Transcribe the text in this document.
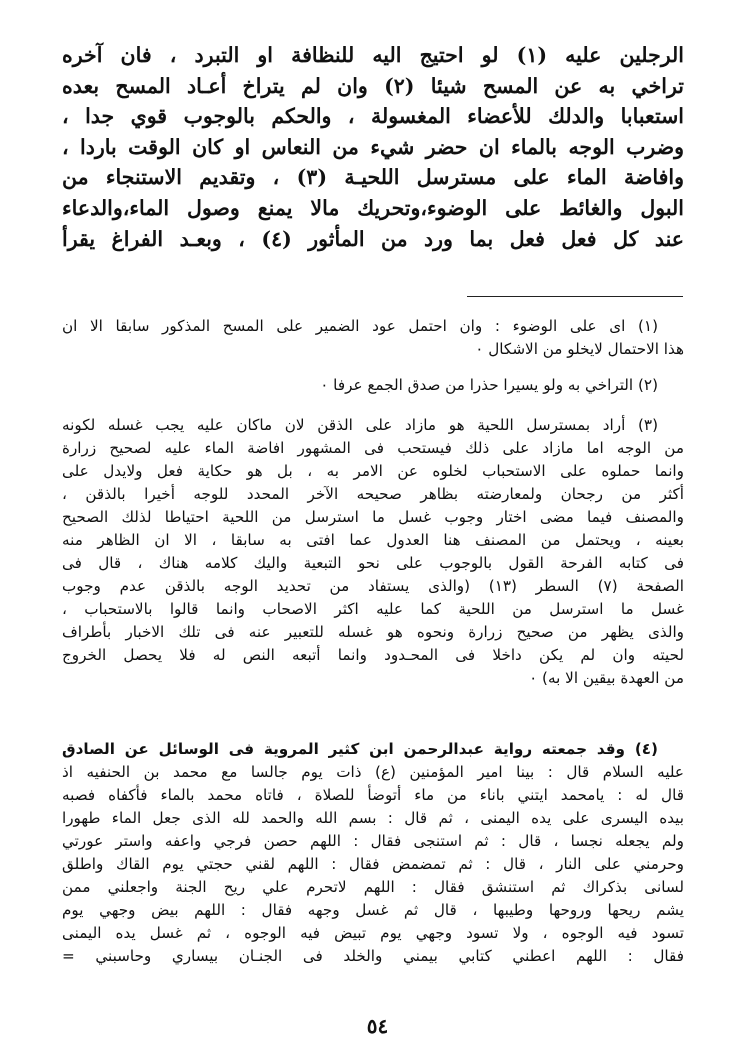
الرجلين عليه (١) لو احتيج اليه للنظافة او التبرد ، فان آخره
تراخي به عن المسح شيئا (٢) وان لم يتراخ أعـاد المسح بعده
استعبابا والدلك للأعضاء المغسولة ، والحكم بالوجوب قوي جدا ،
وضرب الوجه بالماء ان حضر شيء من النعاس او كان الوقت باردا ،
وافاضة الماء على مسترسل اللحيـة (٣) ، وتقديم الاستنجاء من
البول والغائط على الوضوء،وتحريك مالا يمنع وصول الماء،والدعاء
عند كل فعل فعل بما ورد من المأثور (٤) ، وبعـد الفراغ يقرأ
(١) اى على الوضوء : وان احتمل عود الضمير على المسح المذكور سابقا الا ان
هذا الاحتمال لايخلو من الاشكال ٠
(٢) التراخي به ولو يسيرا حذرا من صدق الجمع عرفا ٠
(٣) أراد بمسترسل اللحية هو مازاد على الذقن لان ماكان عليه يجب غسله لكونه
من الوجه اما مازاد على ذلك فيستحب فى المشهور افاضة الماء عليه لصحيح زرارة
وانما حملوه على الاستحباب لخلوه عن الامر به ، بل هو حكاية فعل ولايدل على
أكثر من رجحان ولمعارضته بظاهر صحيحه الآخر المحدد للوجه أخيرا بالذقن ،
والمصنف فيما مضى اختار وجوب غسل ما استرسل من اللحية احتياطا لذلك الصحيح
بعينه ، ويحتمل من المصنف هنا العدول عما افتى به سابقا ، الا ان الظاهر منه
فى كتابه الفرحة القول بالوجوب على نحو التبعية واليك كلامه هناك ، قال فى
الصفحة (٧) السطر (١٣) (والذى يستفاد من تحديد الوجه بالذقن عدم وجوب
غسل ما استرسل من اللحية كما عليه اكثر الاصحاب وانما قالوا بالاستحباب ،
والذى يظهر من صحيح زرارة ونحوه هو غسله للتعبير عنه فى تلك الاخبار بأطراف
لحيته وان لم يكن داخلا فى المحـدود وانما أتبعه النص له فلا يحصل الخروج
من العهدة بيقين الا به) ٠
(٤) وقد جمعته رواية عبدالرحمن ابن كثير المروية فى الوسائل عن الصادق
عليه السلام قال : بينا امير المؤمنين (ع) ذات يوم جالسا مع محمد بن الحنفيه اذ
قال له : يامحمد ايتني باناء من ماء أتوضأ للصلاة ، فاتاه محمد بالماء فأكفاه فصبه
بيده اليسرى على يده اليمنى ، ثم قال : بسم الله والحمد لله الذى جعل الماء طهورا
ولم يجعله نجسا ، قال : ثم استنجى فقال : اللهم حصن فرجي واعفه واستر عورتي
وحرمني على النار ، قال : ثم تمضمض فقال : اللهم لقني حجتي يوم القاك واطلق
لسانى بذكراك ثم استنشق فقال : اللهم لاتحرم علي ريح الجنة واجعلني ممن
يشم ريحها وروحها وطيبها ، قال ثم غسل وجهه فقال : اللهم بيض وجهي يوم
تسود فيه الوجوه ، ولا تسود وجهي يوم تبيض فيه الوجوه ، ثم غسل يده اليمنى
فقال : اللهم اعطني كتابي بيمني والخلد فى الجنـان بيساري وحاسبني =
٥٤
